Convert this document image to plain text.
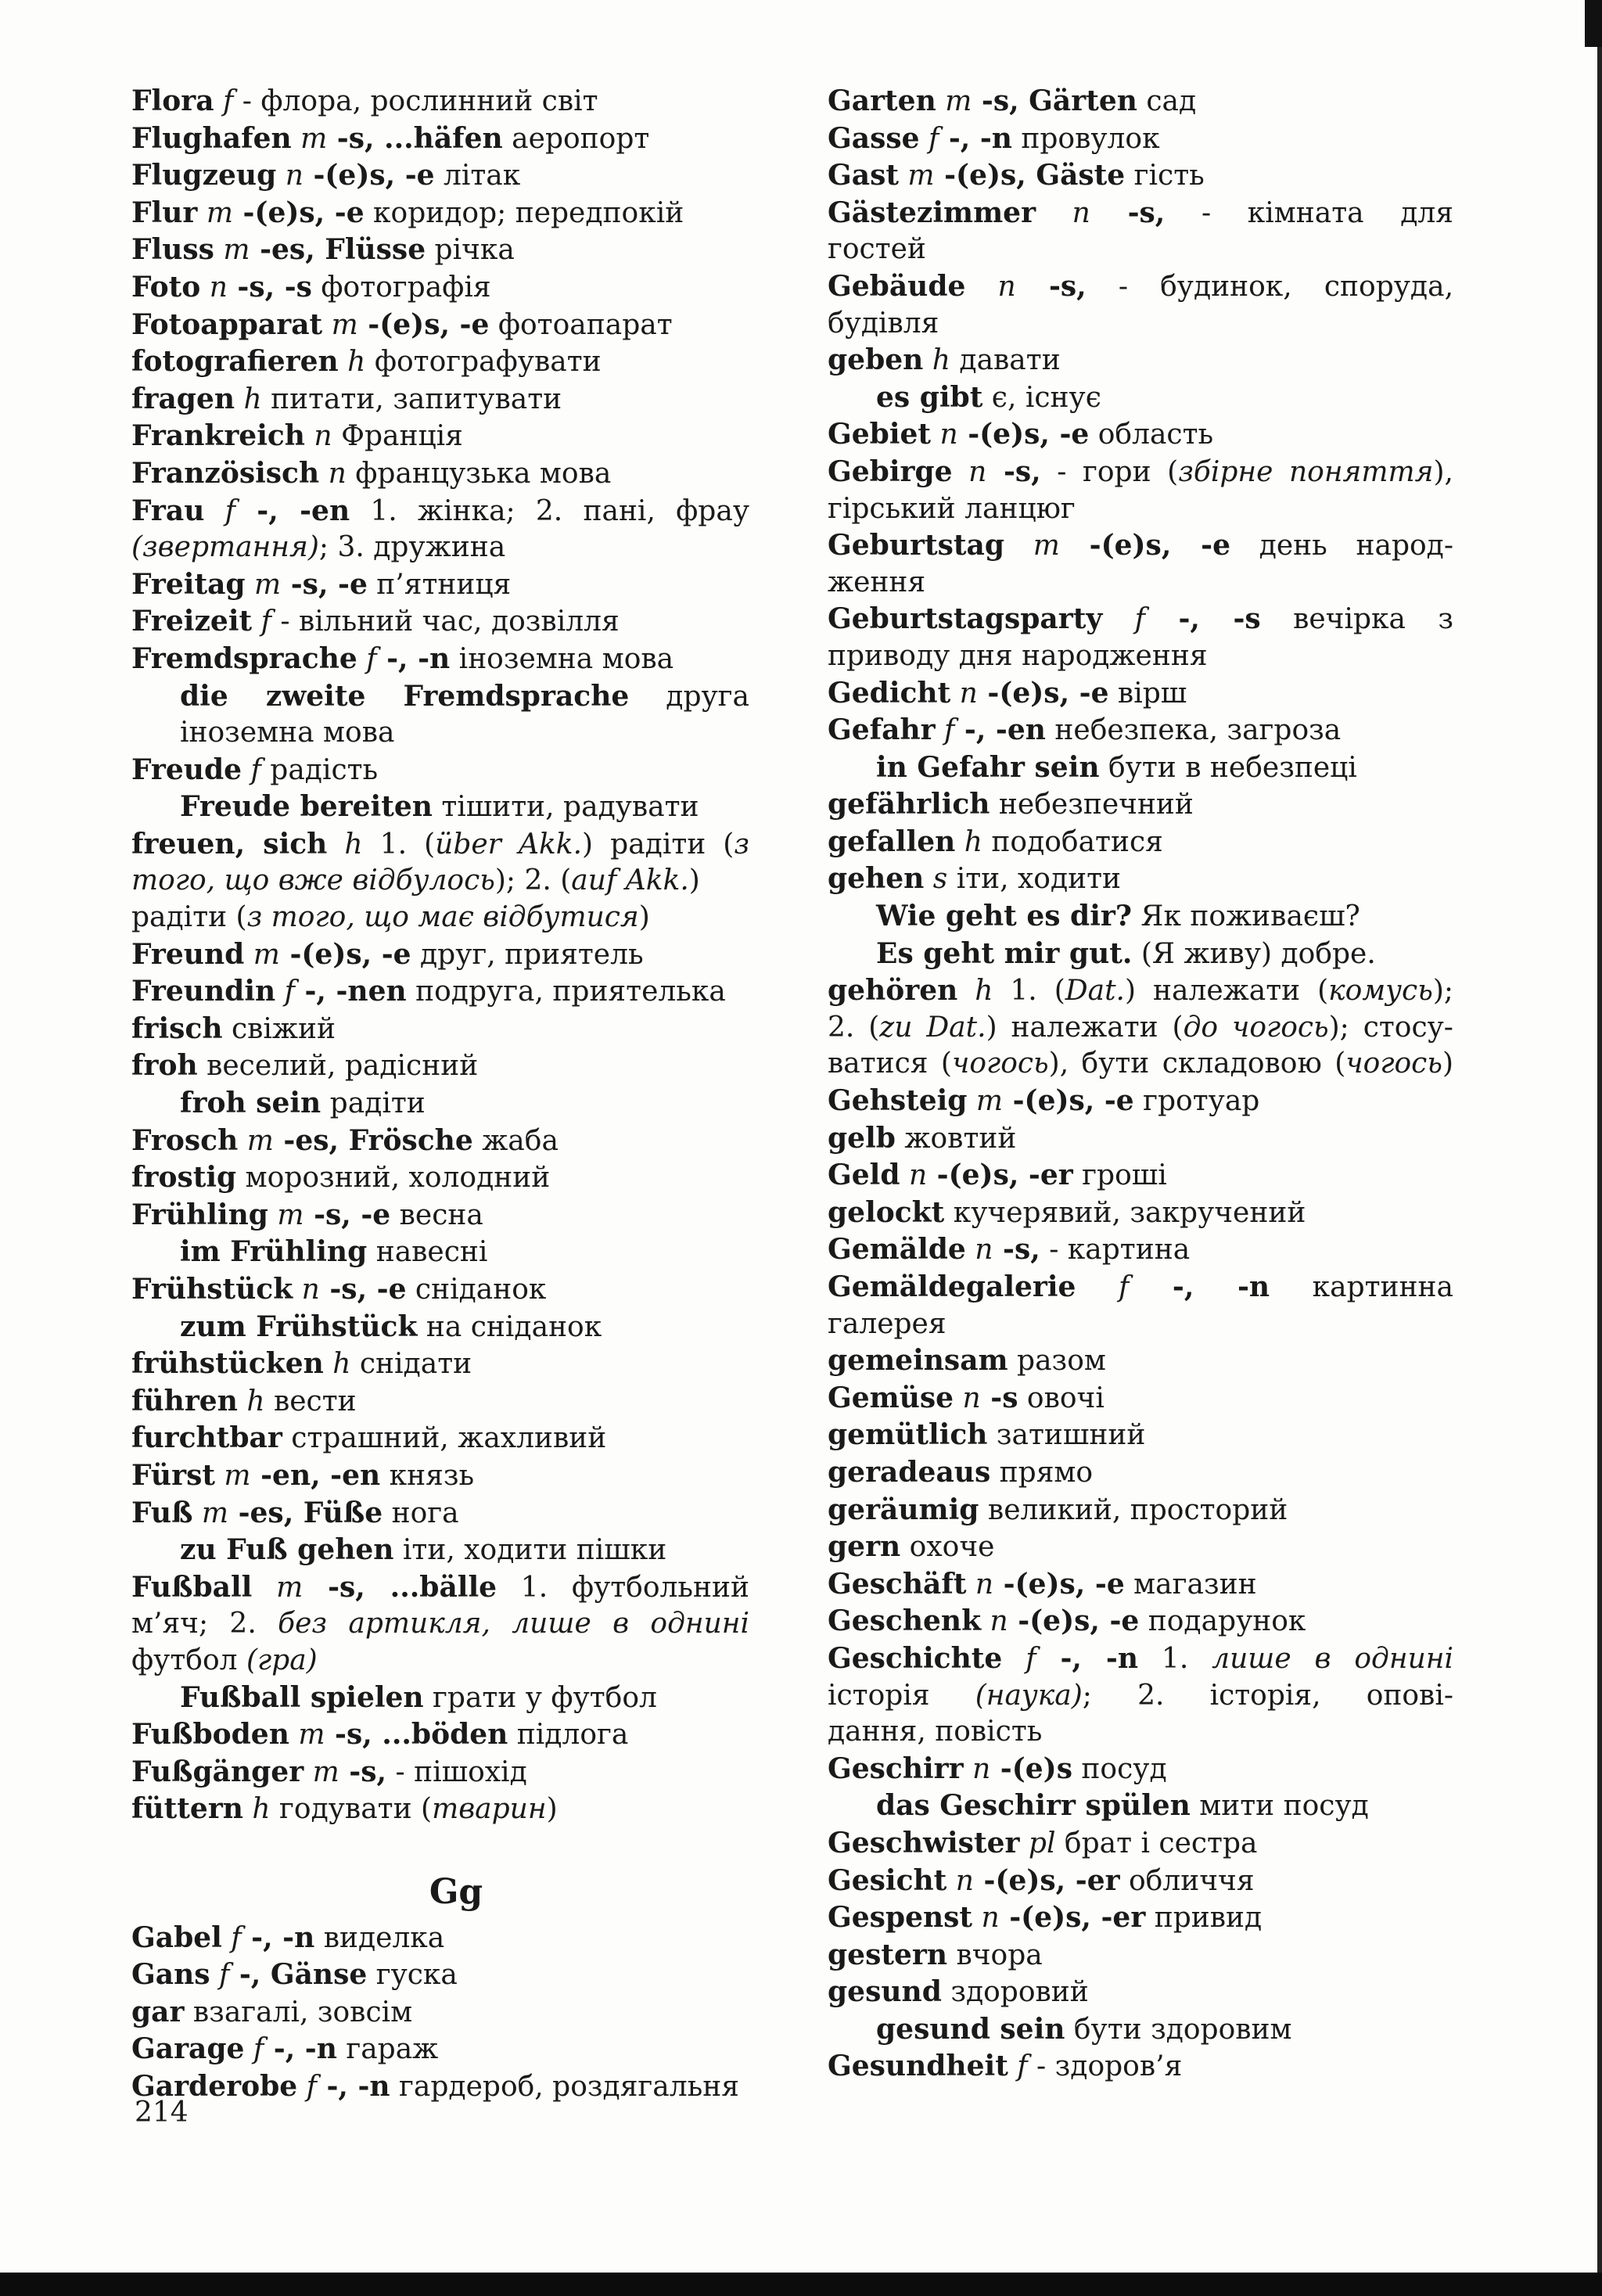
Flora f - флора, рослинний світ
Flughafen m -s, ...häfen аеропорт
Flugzeug n -(e)s, -e літак
Flur m -(e)s, -e коридор; передпокій
Fluss m -es, Flüsse річка
Foto n -s, -s фотографія
Fotoapparat m -(e)s, -e фотоапарат
fotografieren h фотографувати
fragen h питати, запитувати
Frankreich n Франція
Französisch n французька мова
Frau f -, -en 1. жінка; 2. пані, фрау
(звертання); 3. дружина
Freitag m -s, -e п’ятниця
Freizeit f - вільний час, дозвілля
Fremdsprache f -, -n іноземна мова
die zweite Fremdsprache друга
іноземна мова
Freude f радість
Freude bereiten тішити, радувати
freuen, sich h 1. (über Akk.) радіти (з
того, що вже відбулось); 2. (auf Akk.)
радіти (з того, що має відбутися)
Freund m -(e)s, -e друг, приятель
Freundin f -, -nen подруга, приятелька
frisch свіжий
froh веселий, радісний
froh sein радіти
Frosch m -es, Frösche жаба
frostig морозний, холодний
Frühling m -s, -e весна
im Frühling навесні
Frühstück n -s, -e сніданок
zum Frühstück на сніданок
frühstücken h снідати
führen h вести
furchtbar страшний, жахливий
Fürst m -en, -en князь
Fuß m -es, Füße нога
zu Fuß gehen іти, ходити пішки
Fußball m -s, ...bälle 1. футбольний
м’яч; 2. без артикля, лише в однині
футбол (гра)
Fußball spielen грати у футбол
Fußboden m -s, ...böden підлога
Fußgänger m -s, - пішохід
füttern h годувати (тварин)
Gg
Gabel f -, -n виделка
Gans f -, Gänse гуска
gar взагалі, зовсім
Garage f -, -n гараж
Garderobe f -, -n гардероб, роздягальня
Garten m -s, Gärten сад
Gasse f -, -n провулок
Gast m -(e)s, Gäste гість
Gästezimmer n -s, - кімната для
гостей
Gebäude n -s, - будинок, споруда,
будівля
geben h давати
es gibt є, існує
Gebiet n -(e)s, -e область
Gebirge n -s, - гори (збірне поняття),
гірський ланцюг
Geburtstag m -(e)s, -e день народ-
ження
Geburtstagsparty f -, -s вечірка з
приводу дня народження
Gedicht n -(e)s, -e вірш
Gefahr f -, -en небезпека, загроза
in Gefahr sein бути в небезпеці
gefährlich небезпечний
gefallen h подобатися
gehen s іти, ходити
Wie geht es dir? Як поживаєш?
Es geht mir gut. (Я живу) добре.
gehören h 1. (Dat.) належати (комусь);
2. (zu Dat.) належати (до чогось); стосу-
ватися (чогось), бути складовою (чогось)
Gehsteig m -(e)s, -e гротуар
gelb жовтий
Geld n -(e)s, -er гроші
gelockt кучерявий, закручений
Gemälde n -s, - картина
Gemäldegalerie f -, -n картинна
галерея
gemeinsam разом
Gemüse n -s овочі
gemütlich затишний
geradeaus прямо
geräumig великий, просторий
gern охоче
Geschäft n -(e)s, -e магазин
Geschenk n -(e)s, -e подарунок
Geschichte f -, -n 1. лише в однині
історія (наука); 2. історія, опові-
дання, повість
Geschirr n -(e)s посуд
das Geschirr spülen мити посуд
Geschwister pl брат і сестра
Gesicht n -(e)s, -er обличчя
Gespenst n -(e)s, -er привид
gestern вчора
gesund здоровий
gesund sein бути здоровим
Gesundheit f - здоров’я
214
